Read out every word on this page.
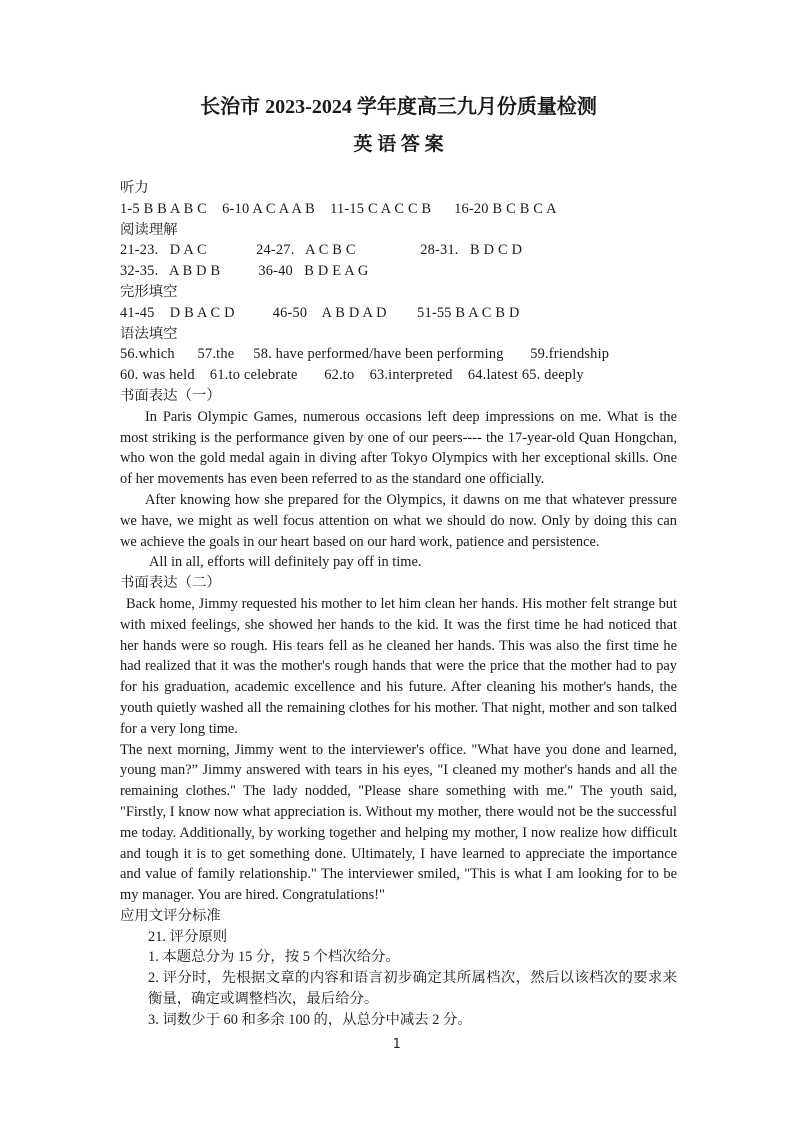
长治市 2023-2024 学年度高三九月份质量检测
英 语 答 案
听力
1-5 B B A B C    6-10 A C A A B    11-15 C A C C B      16-20 B C B C A
阅读理解
21-23.   D A C             24-27.   A C B C                 28-31.   B D C D
32-35.   A B D B          36-40   B D E A G
完形填空
41-45    D B A C D          46-50    A B D A D        51-55 B A C B D
语法填空
56.which      57.the     58. have performed/have been performing       59.friendship
60. was held    61.to celebrate       62.to    63.interpreted    64.latest 65. deeply
书面表达（一）
In Paris Olympic Games, numerous occasions left deep impressions on me. What is the most striking is the performance given by one of our peers---- the 17-year-old Quan Hongchan, who won the gold medal again in diving after Tokyo Olympics with her exceptional skills. One of her movements has even been referred to as the standard one officially.
After knowing how she prepared for the Olympics, it dawns on me that whatever pressure we have, we might as well focus attention on what we should do now. Only by doing this can we achieve the goals in our heart based on our hard work, patience and persistence.
All in all, efforts will definitely pay off in time.
书面表达（二）
Back home, Jimmy requested his mother to let him clean her hands. His mother felt strange but with mixed feelings, she showed her hands to the kid. It was the first time he had noticed that her hands were so rough. His tears fell as he cleaned her hands. This was also the first time he had realized that it was the mother's rough hands that were the price that the mother had to pay for his graduation, academic excellence and his future. After cleaning his mother's hands, the youth quietly washed all the remaining clothes for his mother. That night, mother and son talked for a very long time.
The next morning, Jimmy went to the interviewer's office. "What have you done and learned, young man?” Jimmy answered with tears in his eyes, "I cleaned my mother's hands and all the remaining clothes." The lady nodded, "Please share something with me." The youth said, "Firstly, I know now what appreciation is. Without my mother, there would not be the successful me today. Additionally, by working together and helping my mother, I now realize how difficult and tough it is to get something done. Ultimately, I have learned to appreciate the importance and value of family relationship." The interviewer smiled, "This is what I am looking for to be my manager. You are hired. Congratulations!"
应用文评分标准
21. 评分原则
1. 本题总分为 15 分，按 5 个档次给分。
2. 评分时，先根据文章的内容和语言初步确定其所属档次，然后以该档次的要求来衡量，确定或调整档次，最后给分。
3. 词数少于 60 和多余 100 的，从总分中减去 2 分。
1
